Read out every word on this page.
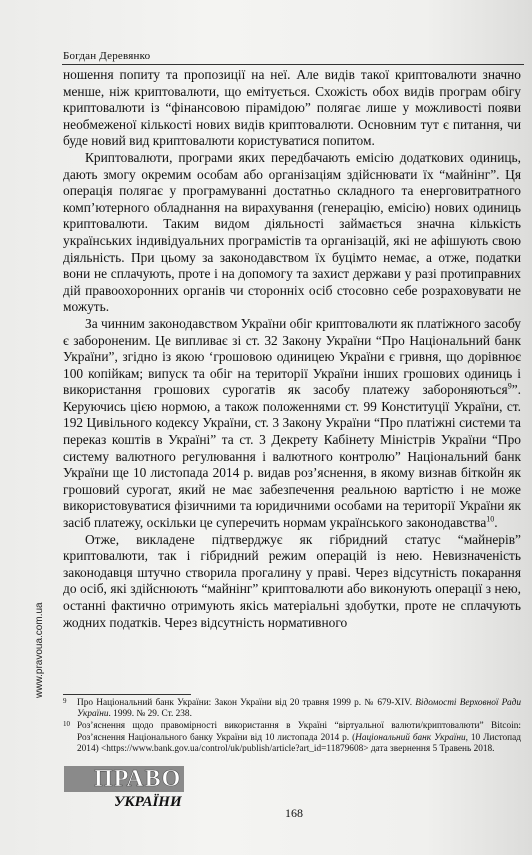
Богдан Деревянко

ношення попиту та пропозиції на неї. Але видів такої криптовалюти значно менше, ніж криптовалюти, що емітується. Схожість обох видів програм обігу криптовалюти із “фінансовою пірамідою” полягає лише у можливості появи необмеженої кількості нових видів криптовалюти. Основним тут є питання, чи буде новий вид криптовалюти користуватися попитом.

Криптовалюти, програми яких передбачають емісію додаткових одиниць, дають змогу окремим особам або організаціям здійснювати їх “майнінг”. Ця операція полягає у програмуванні достатньо складного та енерговитратного комп’ютерного обладнання на вирахування (генерацію, емісію) нових одиниць криптовалюти. Таким видом діяльності займається значна кількість українських індивідуальних програмістів та організацій, які не афішують свою діяльність. При цьому за законодавством їх буцімто немає, а отже, податки вони не сплачують, проте і на допомогу та захист держави у разі протиправних дій правоохоронних органів чи сторонніх осіб стосовно себе розраховувати не можуть.

За чинним законодавством України обіг криптовалюти як платіжного засобу є забороненим. Це випливає зі ст. 32 Закону України “Про Національний банк України”, згідно із якою ‘грошовою одиницею України є гривня, що дорівнює 100 копійкам; випуск та обіг на території України інших грошових одиниць і використання грошових сурогатів як засобу платежу забороняються$^9$”. Керуючись цією нормою, а також положеннями ст. 99 Конституції України, ст. 192 Цивільного кодексу України, ст. 3 Закону України “Про платіжні системи та переказ коштів в Україні” та ст. 3 Декрету Кабінету Міністрів України “Про систему валютного регулювання і валютного контролю” Національний банк України ще 10 листопада 2014 р. видав роз’яснення, в якому визнав біткойн як грошовий сурогат, який не має забезпечення реальною вартістю і не може використовуватися фізичними та юридичними особами на території України як засіб платежу, оскільки це суперечить нормам українського законодавства$^{10}$.

Отже, викладене підтверджує як гібридний статус “майнерів” криптовалюти, так і гібридний режим операцій із нею. Невизначеність законодавця штучно створила прогалину у праві. Через відсутність покарання до осіб, які здійснюють “майнінг” криптовалюти або виконують операції з нею, останні фактично отримують якісь матеріальні здобутки, проте не сплачують жодних податків. Через відсутність нормативного

9 Про Національний банк України: Закон України від 20 травня 1999 р. № 679-XIV. Відомості Верховної Ради України. 1999. № 29. Ст. 238.
10 Роз’яснення щодо правомірності використання в Україні “віртуальної валюти/криптовалюти” Bitcoin: Роз’яснення Національного банку України від 10 листопада 2014 р. (Національний банк України, 10 Листопад 2014) <https://www.bank.gov.ua/control/uk/publish/article?art_id=11879608> дата звернення 5 Травень 2018.
www.pravoua.com.ua
ПРАВО
УКРАЇНИ
168
